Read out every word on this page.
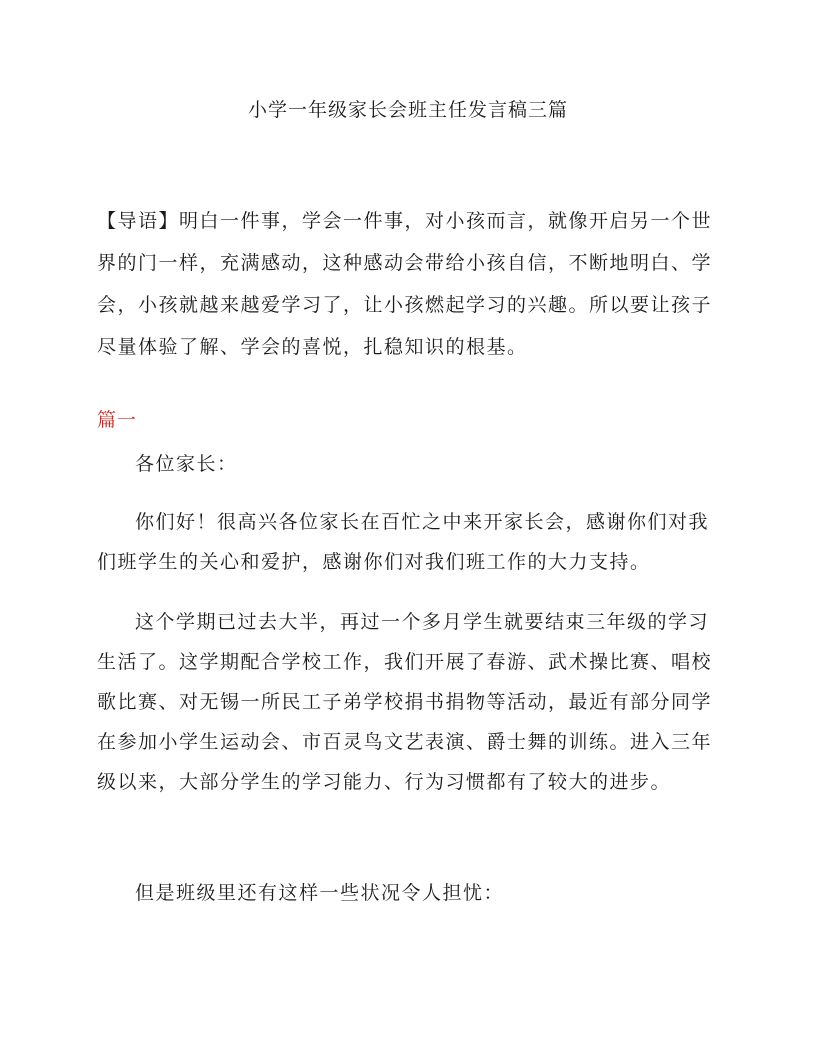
小学一年级家长会班主任发言稿三篇
【导语】明白一件事，学会一件事，对小孩而言，就像开启另一个世界的门一样，充满感动，这种感动会带给小孩自信，不断地明白、学会，小孩就越来越爱学习了，让小孩燃起学习的兴趣。所以要让孩子尽量体验了解、学会的喜悦，扎稳知识的根基。
篇一
各位家长：
你们好！很高兴各位家长在百忙之中来开家长会，感谢你们对我们班学生的关心和爱护，感谢你们对我们班工作的大力支持。
这个学期已过去大半，再过一个多月学生就要结束三年级的学习生活了。这学期配合学校工作，我们开展了春游、武术操比赛、唱校歌比赛、对无锡一所民工子弟学校捐书捐物等活动，最近有部分同学在参加小学生运动会、市百灵鸟文艺表演、爵士舞的训练。进入三年级以来，大部分学生的学习能力、行为习惯都有了较大的进步。
但是班级里还有这样一些状况令人担忧：
